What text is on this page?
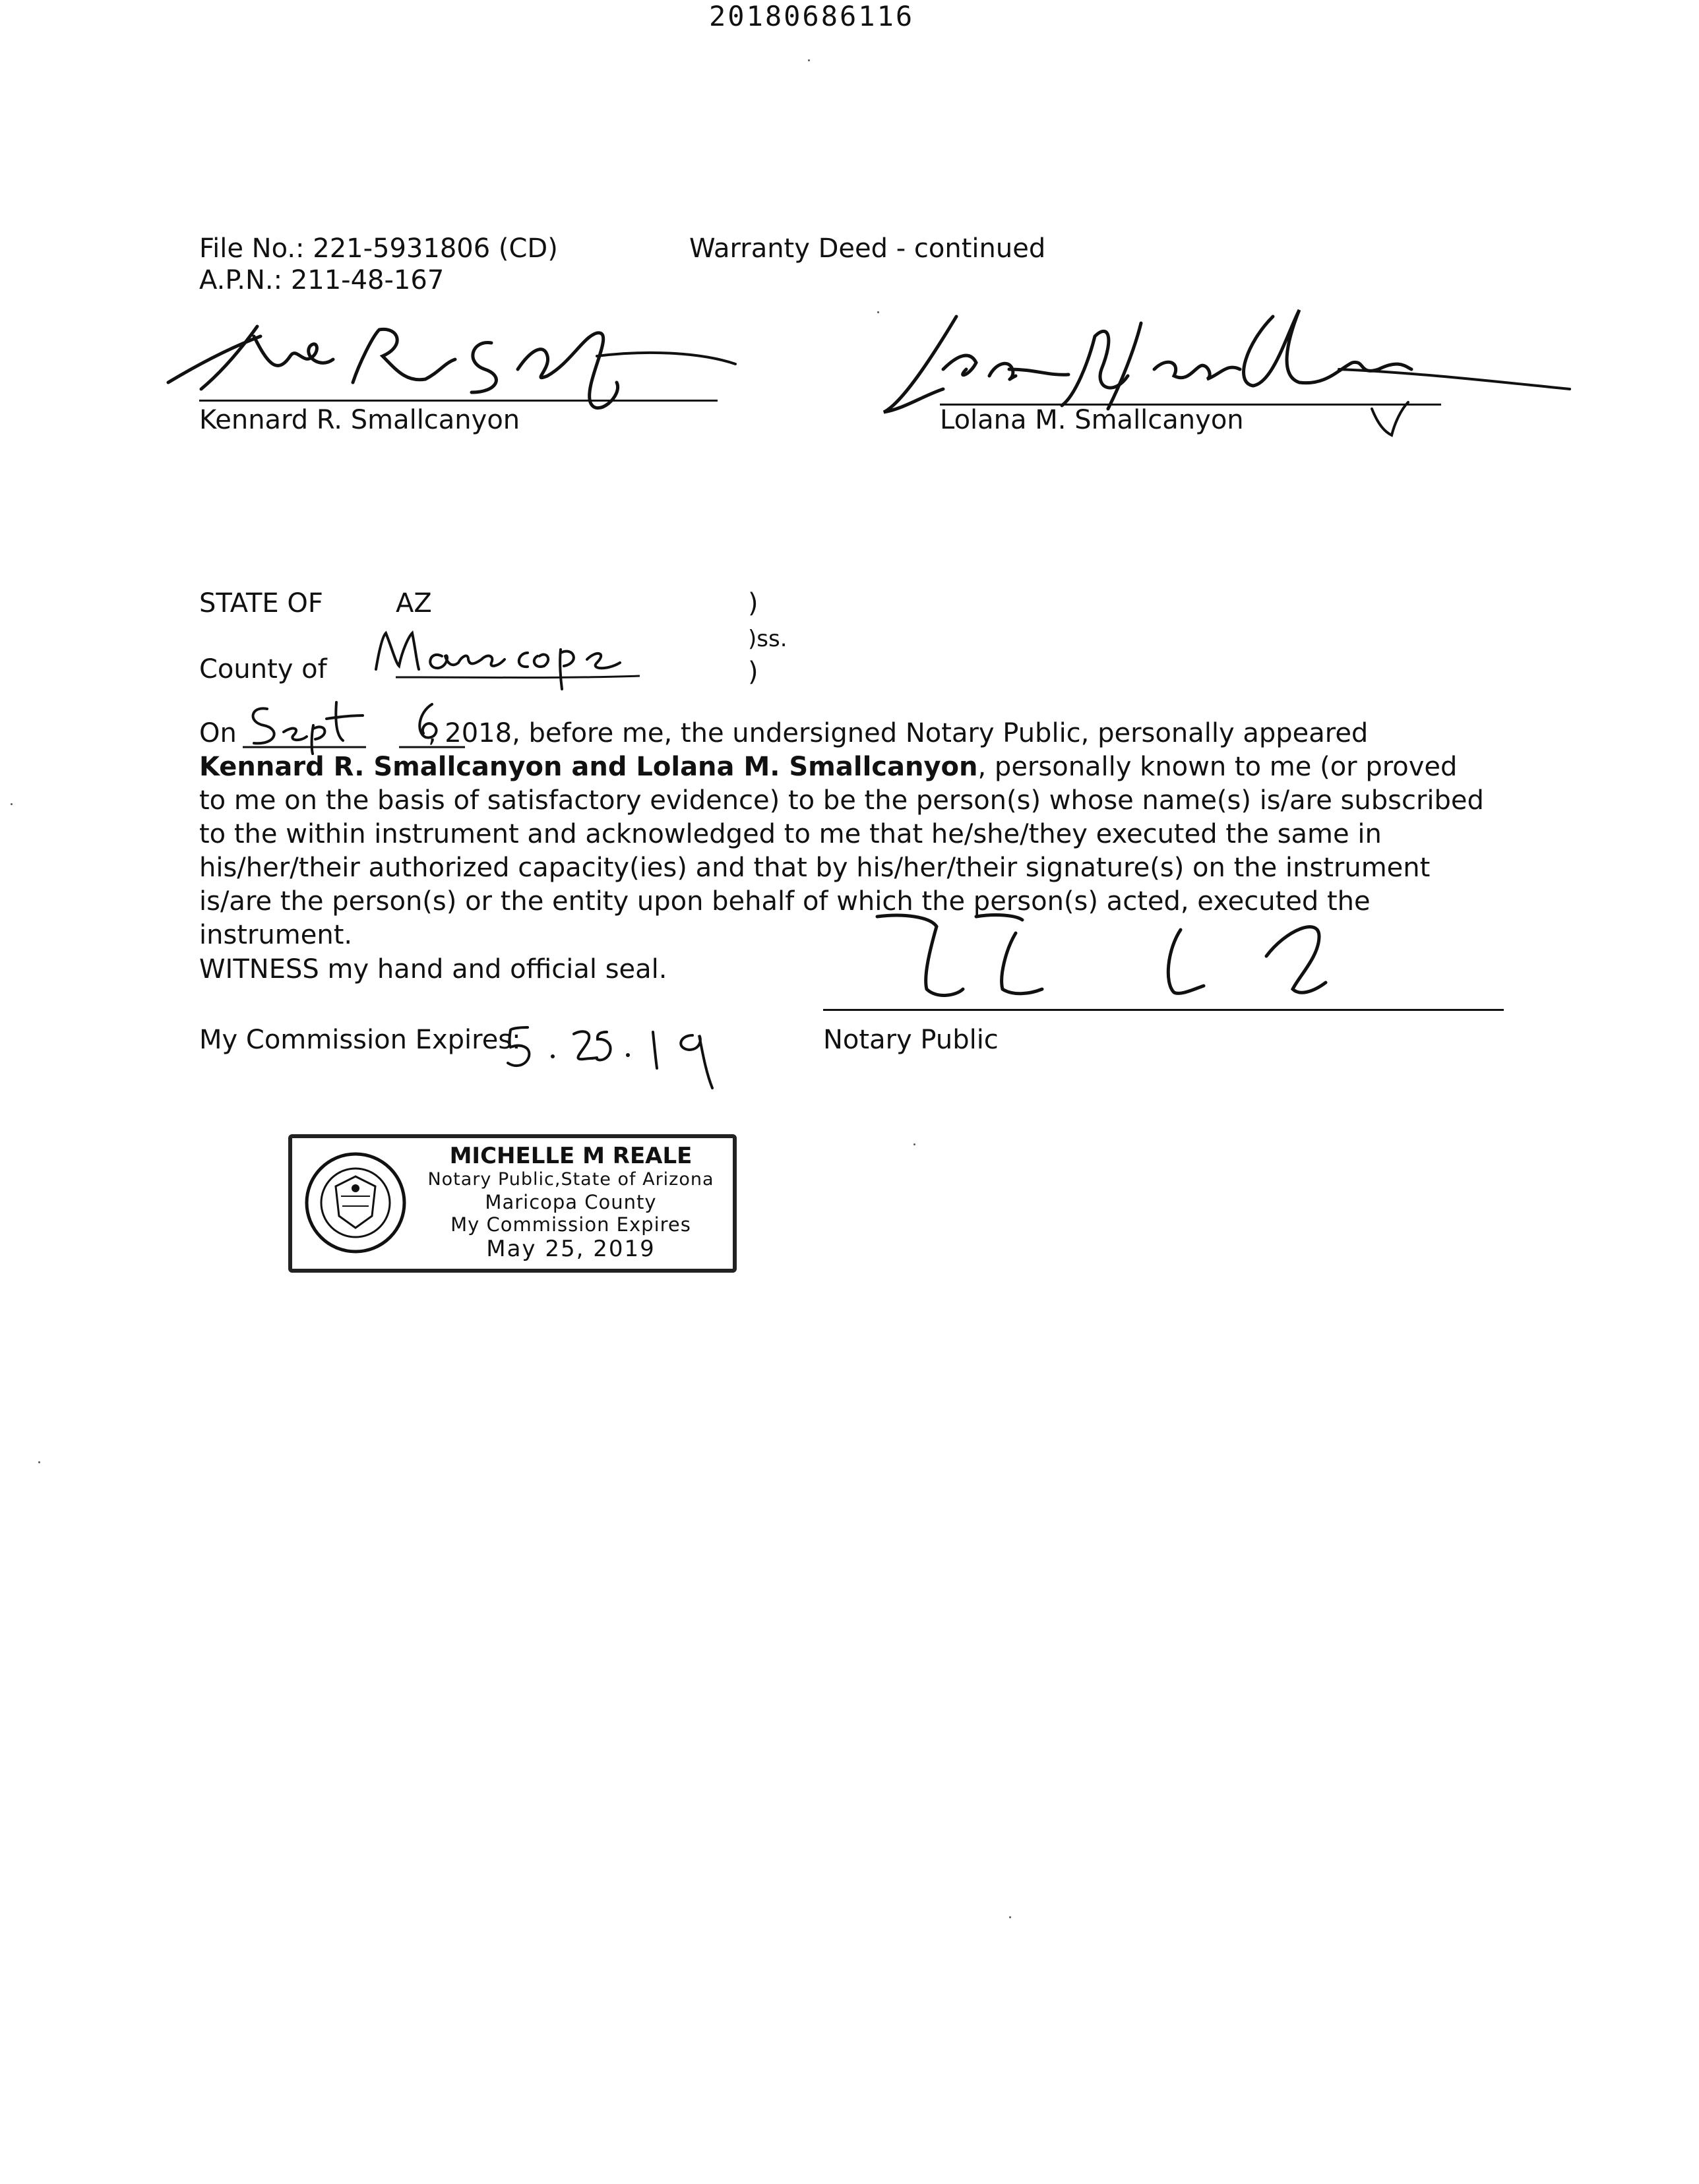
20180686116
File No.: 221-5931806 (CD)
A.P.N.: 211-48-167
Warranty Deed - continued
Kennard R. Smallcanyon	Lolana M. Smallcanyon
STATE OF	AZ	)
)ss.
)
County of
On	, 2018, before me, the undersigned Notary Public, personally appeared Kennard R. Smallcanyon and Lolana M. Smallcanyon, personally known to me (or proved to me on the basis of satisfactory evidence) to be the person(s) whose name(s) is/are subscribed to the within instrument and acknowledged to me that he/she/they executed the same in his/her/their authorized capacity(ies) and that by his/her/their signature(s) on the instrument is/are the person(s) or the entity upon behalf of which the person(s) acted, executed the instrument.
WITNESS my hand and official seal.
Notary Public
My Commission Expires:
MICHELLE M REALE
Notary Public,State of Arizona
Maricopa County
My Commission Expires
May 25, 2019
